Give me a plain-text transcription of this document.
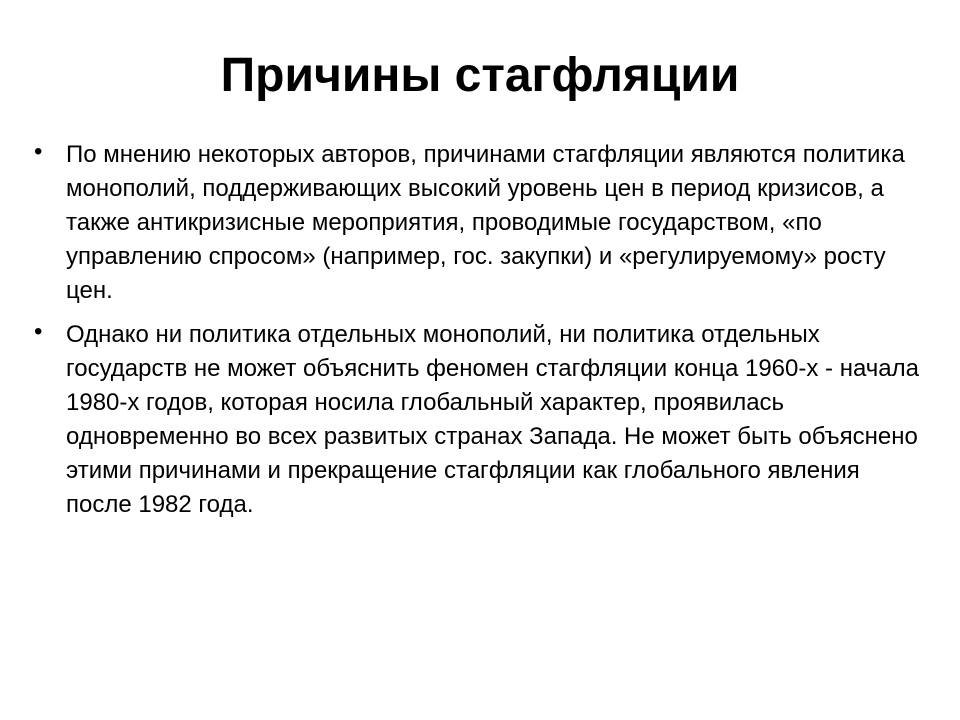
Причины стагфляции
• По мнению некоторых авторов, причинами стагфляции являются политика монополий, поддерживающих высокий уровень цен в период кризисов, а также антикризисные мероприятия, проводимые государством, «по управлению спросом» (например, гос. закупки) и «регулируемому» росту цен.
• Однако ни политика отдельных монополий, ни политика отдельных государств не может объяснить феномен стагфляции конца 1960-х - начала 1980-х годов, которая носила глобальный характер, проявилась одновременно во всех развитых странах Запада. Не может быть объяснено этими причинами и прекращение стагфляции как глобального явления после 1982 года.
